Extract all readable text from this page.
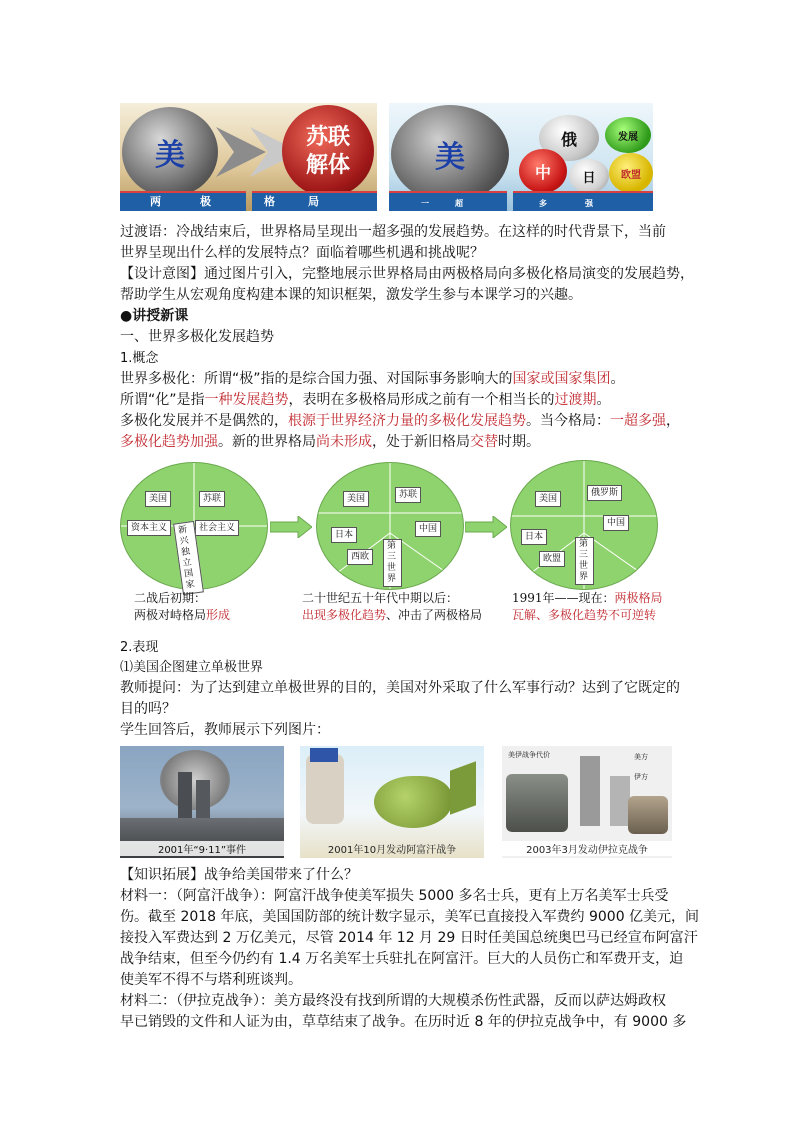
美
苏联
解体
两	极	格	局
美
俄	发展
中 日	欧盟
一	超	多	强
过渡语：冷战结束后，世界格局呈现出一超多强的发展趋势。在这样的时代背景下，当前
世界呈现出什么样的发展特点？面临着哪些机遇和挑战呢？
【设计意图】通过图片引入，完整地展示世界格局由两极格局向多极化格局演变的发展趋势，
帮助学生从宏观角度构建本课的知识框架，激发学生参与本课学习的兴趣。
●讲授新课
一、世界多极化发展趋势
1.概念
世界多极化：所谓“极”指的是综合国力强、对国际事务影响大的国家或国家集团。
所谓“化”是指一种发展趋势，表明在多极格局形成之前有一个相当长的过渡期。
多极化发展并不是偶然的，根源于世界经济力量的多极化发展趋势。当今格局：一超多强，
多极化趋势加强。新的世界格局尚未形成，处于新旧格局交替时期。
美国	苏联
资本主义	社会主义
新兴独立国家
美国	苏联
日本
中国
西欧
第三世界
美国
俄罗斯
中国
日本
欧盟
第三世界
二战后初期：
两极对峙格局形成
二十世纪五十年代中期以后：
出现多极化趋势、冲击了两极格局
1991年——现在：两极格局
瓦解、多极化趋势不可逆转
2.表现
⑴美国企图建立单极世界
教师提问：为了达到建立单极世界的目的，美国对外采取了什么军事行动？达到了它既定的
目的吗？
学生回答后，教师展示下列图片：
2001年“9·11”事件	2001年10月发动阿富汗战争
美伊战争代价	美方
伊方
2003年3月发动伊拉克战争
【知识拓展】战争给美国带来了什么？
材料一：（阿富汗战争）：阿富汗战争使美军损失 5000 多名士兵，更有上万名美军士兵受
伤。截至 2018 年底，美国国防部的统计数字显示，美军已直接投入军费约 9000 亿美元，间
接投入军费达到 2 万亿美元，尽管 2014 年 12 月 29 日时任美国总统奥巴马已经宣布阿富汗
战争结束，但至今仍约有 1.4 万名美军士兵驻扎在阿富汗。巨大的人员伤亡和军费开支，迫
使美军不得不与塔利班谈判。
材料二：（伊拉克战争）：美方最终没有找到所谓的大规模杀伤性武器，反而以萨达姆政权
早已销毁的文件和人证为由，草草结束了战争。在历时近 8 年的伊拉克战争中，有 9000 多
